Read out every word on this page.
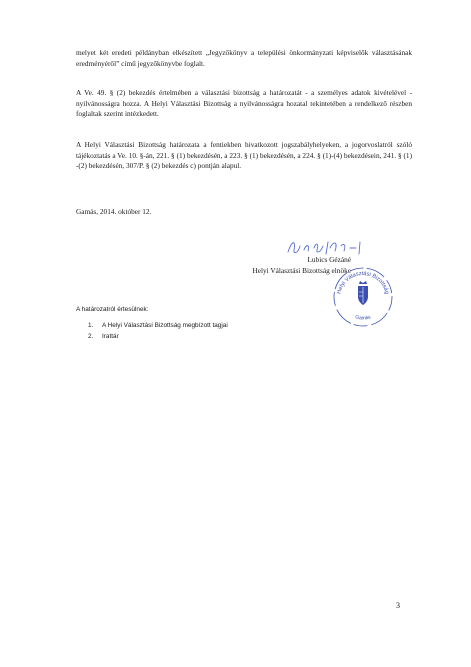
melyet két eredeti példányban elkészített „Jegyzőkönyv a települési önkormányzati képviselők választásának eredményéről” című jegyzőkönyvbe foglalt.

A Ve. 49. § (2) bekezdés értelmében a választási bizottság a határozatát - a személyes adatok kivételével - nyilvánosságra hozza. A Helyi Választási Bizottság a nyilvánosságra hozatal tekintetében a rendelkező részben foglaltak szerint intézkedett.

A Helyi Választási Bizottság határozata a fentiekben hivatkozott jogszabályhelyeken, a jogorvoslatról szóló tájékoztatás a Ve. 10. §-án, 221. § (1) bekezdésén, a 223. § (1) bekezdésén, a 224. § (1)-(4) bekezdésein, 241. § (1) -(2) bekezdésén, 307/P. § (2) bekezdés c) pontján alapul.

Gamás, 2014. október 12.

Lubics Gézáné
Helyi Választási Bizottság elnöke
Helyi Választási Bizottság
Gamás

A határozatról értesülnek:

1.	A Helyi Választási Bizottság megbízott tagjai
2.	Irattár
3
